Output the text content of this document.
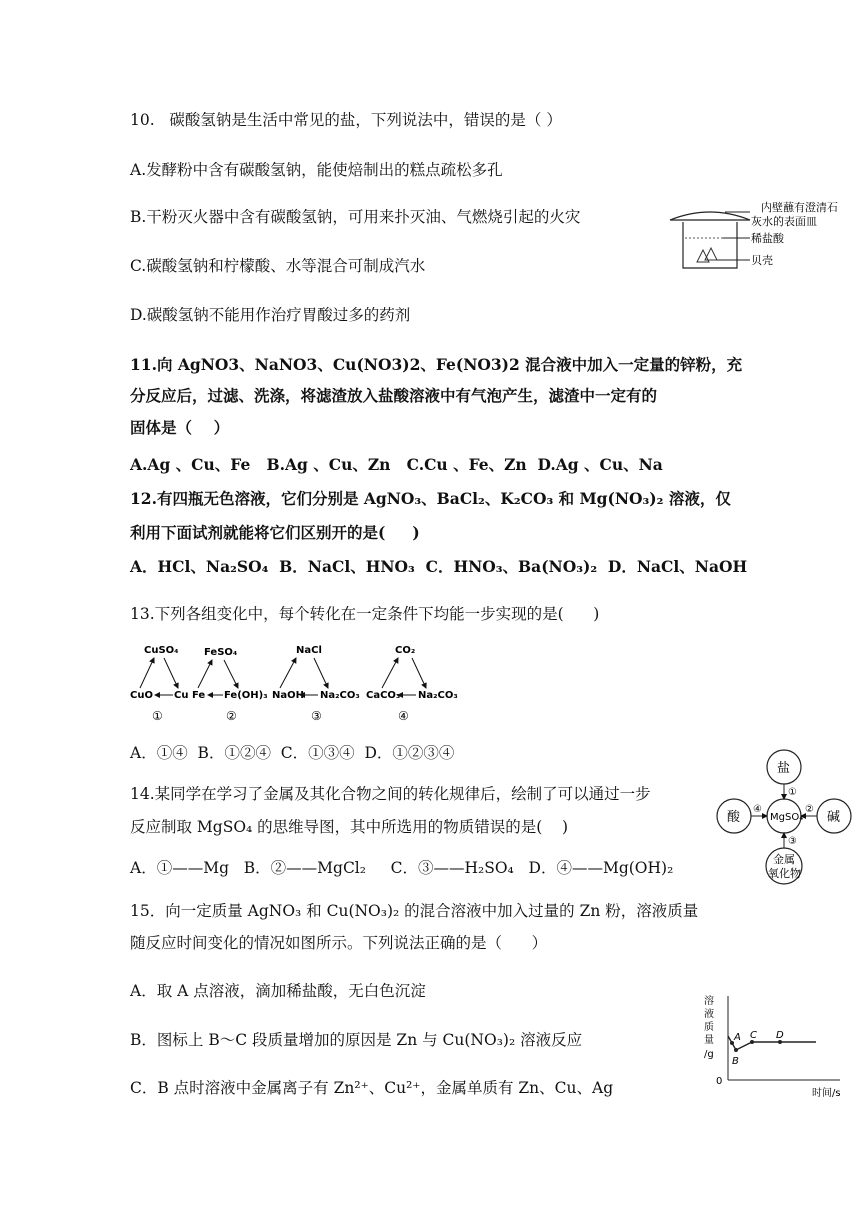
10.   碳酸氢钠是生活中常见的盐，下列说法中，错误的是（ ）
A.发酵粉中含有碳酸氢钠，能使焙制出的糕点疏松多孔
B.干粉灭火器中含有碳酸氢钠，可用来扑灭油、气燃烧引起的火灾
C.碳酸氢钠和柠檬酸、水等混合可制成汽水
D.碳酸氢钠不能用作治疗胃酸过多的药剂
内壁蘸有澄清石
灰水的表面皿
稀盐酸
贝壳
11.向 AgNO3、NaNO3、Cu(NO3)2、Fe(NO3)2 混合液中加入一定量的锌粉，充
分反应后，过滤、洗涤，将滤渣放入盐酸溶液中有气泡产生，滤渣中一定有的
固体是（    ）
A.Ag 、Cu、Fe   B.Ag 、Cu、Zn   C.Cu 、Fe、Zn  D.Ag 、Cu、Na
12.有四瓶无色溶液，它们分别是 AgNO₃、BaCl₂、K₂CO₃ 和 Mg(NO₃)₂ 溶液，仅
利用下面试剂就能将它们区别开的是(     )
A．HCl、Na₂SO₄  B．NaCl、HNO₃  C．HNO₃、Ba(NO₃)₂  D．NaCl、NaOH
13.下列各组变化中，每个转化在一定条件下均能一步实现的是(      )
CuSO₄
CuO Cu
①
FeSO₄
Fe Fe(OH)₃
②
NaCl
NaOH Na₂CO₃
③
CO₂
CaCO₃ Na₂CO₃
④
A．①④  B．①②④  C．①③④  D．①②③④
14.某同学在学习了金属及其化合物之间的转化规律后，绘制了可以通过一步
反应制取 MgSO₄ 的思维导图，其中所选用的物质错误的是(    )
A．①——Mg   B．②——MgCl₂     C．③——H₂SO₄   D．④——Mg(OH)₂
MgSO₄
盐
酸	碱
金属
氧化物
①
④	②
③
15．向一定质量 AgNO₃ 和 Cu(NO₃)₂ 的混合溶液中加入过量的 Zn 粉，溶液质量
随反应时间变化的情况如图所示。下列说法正确的是（      ）
A．取 A 点溶液，滴加稀盐酸，无白色沉淀
B．图标上 B～C 段质量增加的原因是 Zn 与 Cu(NO₃)₂ 溶液反应
C．B 点时溶液中金属离子有 Zn²⁺、Cu²⁺，金属单质有 Zn、Cu、Ag
溶
液
质
量
/g
0
时间/s
A
B
C D
